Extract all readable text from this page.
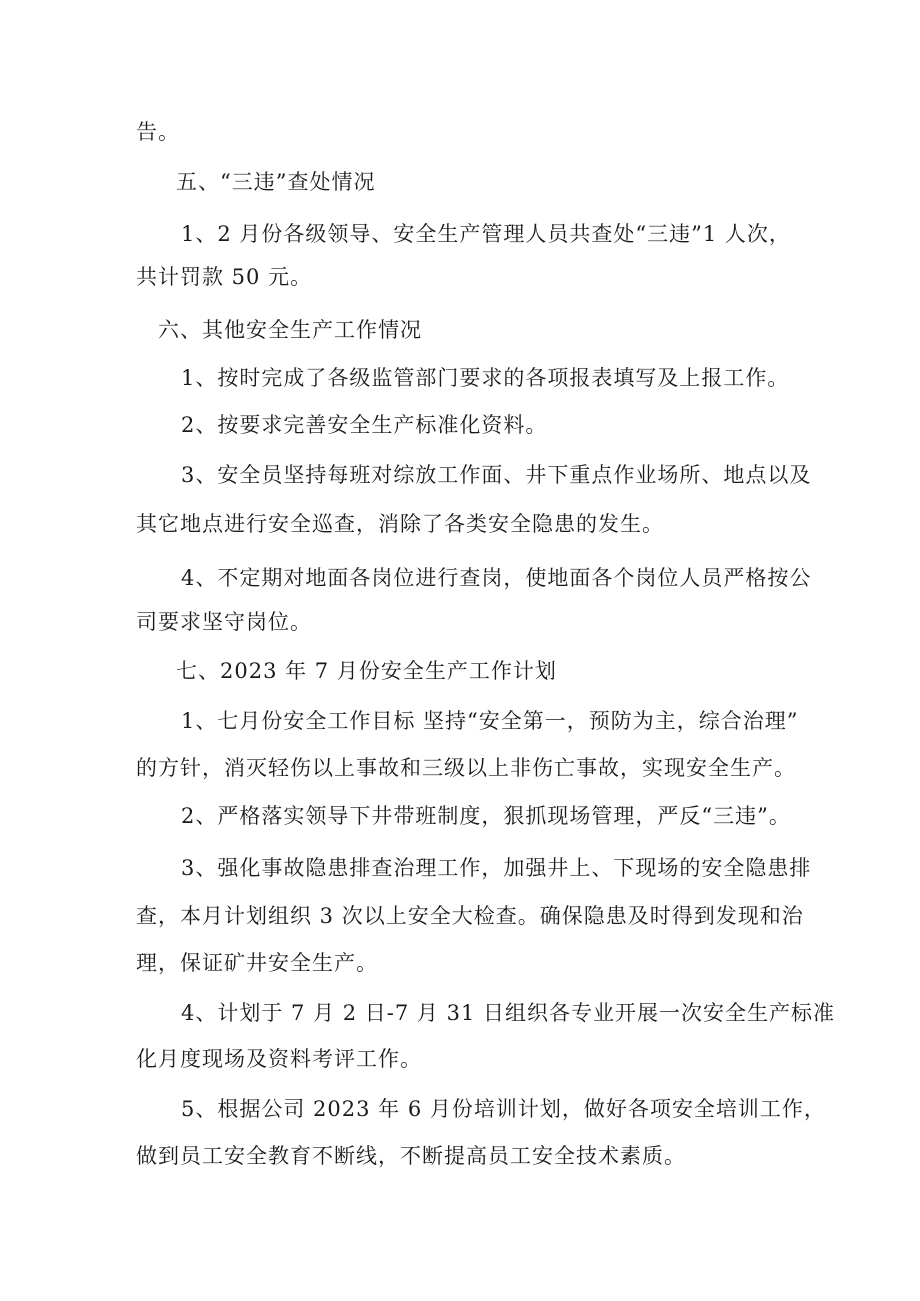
告。
五、“三违”查处情况
1、2 月份各级领导、安全生产管理人员共查处“三违”1 人次，
共计罚款 50 元。
六、其他安全生产工作情况
1、按时完成了各级监管部门要求的各项报表填写及上报工作。
2、按要求完善安全生产标准化资料。
3、安全员坚持每班对综放工作面、井下重点作业场所、地点以及
其它地点进行安全巡查，消除了各类安全隐患的发生。
4、不定期对地面各岗位进行查岗，使地面各个岗位人员严格按公
司要求坚守岗位。
七、2023 年 7 月份安全生产工作计划
1、七月份安全工作目标 坚持“安全第一，预防为主，综合治理”
的方针，消灭轻伤以上事故和三级以上非伤亡事故，实现安全生产。
2、严格落实领导下井带班制度，狠抓现场管理，严反“三违”。
3、强化事故隐患排查治理工作，加强井上、下现场的安全隐患排
查，本月计划组织 3 次以上安全大检查。确保隐患及时得到发现和治
理，保证矿井安全生产。
4、计划于 7 月 2 日-7 月 31 日组织各专业开展一次安全生产标准
化月度现场及资料考评工作。
5、根据公司 2023 年 6 月份培训计划，做好各项安全培训工作，
做到员工安全教育不断线，不断提高员工安全技术素质。
